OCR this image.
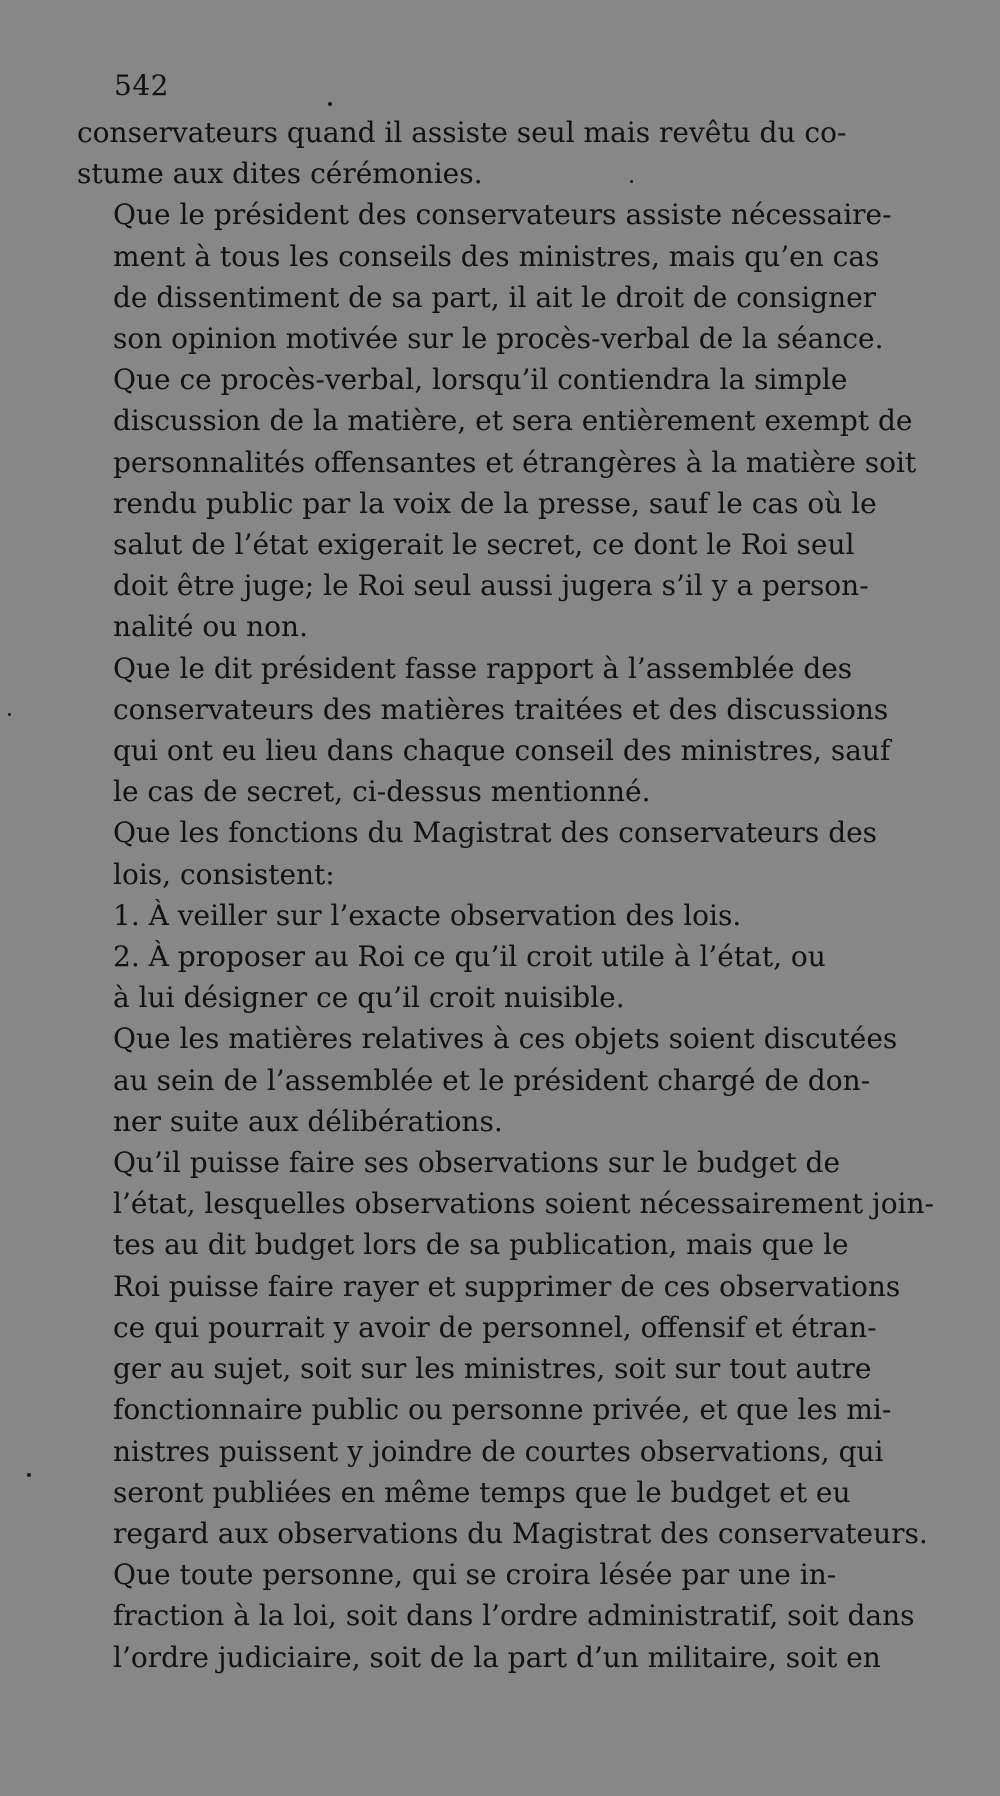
542

conservateurs quand il assiste seul mais revêtu du co-
stume aux dites cérémonies.

Que le président des conservateurs assiste nécessaire-
ment à tous les conseils des ministres, mais qu’en cas
de dissentiment de sa part, il ait le droit de consigner
son opinion motivée sur le procès-verbal de la séance.

Que ce procès-verbal, lorsqu’il contiendra la simple
discussion de la matière, et sera entièrement exempt de
personnalités offensantes et étrangères à la matière soit
rendu public par la voix de la presse, sauf le cas où le
salut de l’état exigerait le secret, ce dont le Roi seul
doit être juge; le Roi seul aussi jugera s’il y a person-
nalité ou non.

Que le dit président fasse rapport à l’assemblée des
conservateurs des matières traitées et des discussions
qui ont eu lieu dans chaque conseil des ministres, sauf
le cas de secret, ci-dessus mentionné.

Que les fonctions du Magistrat des conservateurs des
lois, consistent:

1. À veiller sur l’exacte observation des lois.

2. À proposer au Roi ce qu’il croit utile à l’état, ou
à lui désigner ce qu’il croit nuisible.

Que les matières relatives à ces objets soient discutées
au sein de l’assemblée et le président chargé de don-
ner suite aux délibérations.

Qu’il puisse faire ses observations sur le budget de
l’état, lesquelles observations soient nécessairement join-
tes au dit budget lors de sa publication, mais que le
Roi puisse faire rayer et supprimer de ces observations
ce qui pourrait y avoir de personnel, offensif et étran-
ger au sujet, soit sur les ministres, soit sur tout autre
fonctionnaire public ou personne privée, et que les mi-
nistres puissent y joindre de courtes observations, qui
seront publiées en même temps que le budget et eu
regard aux observations du Magistrat des conservateurs.

Que toute personne, qui se croira lésée par une in-
fraction à la loi, soit dans l’ordre administratif, soit dans
l’ordre judiciaire, soit de la part d’un militaire, soit en
